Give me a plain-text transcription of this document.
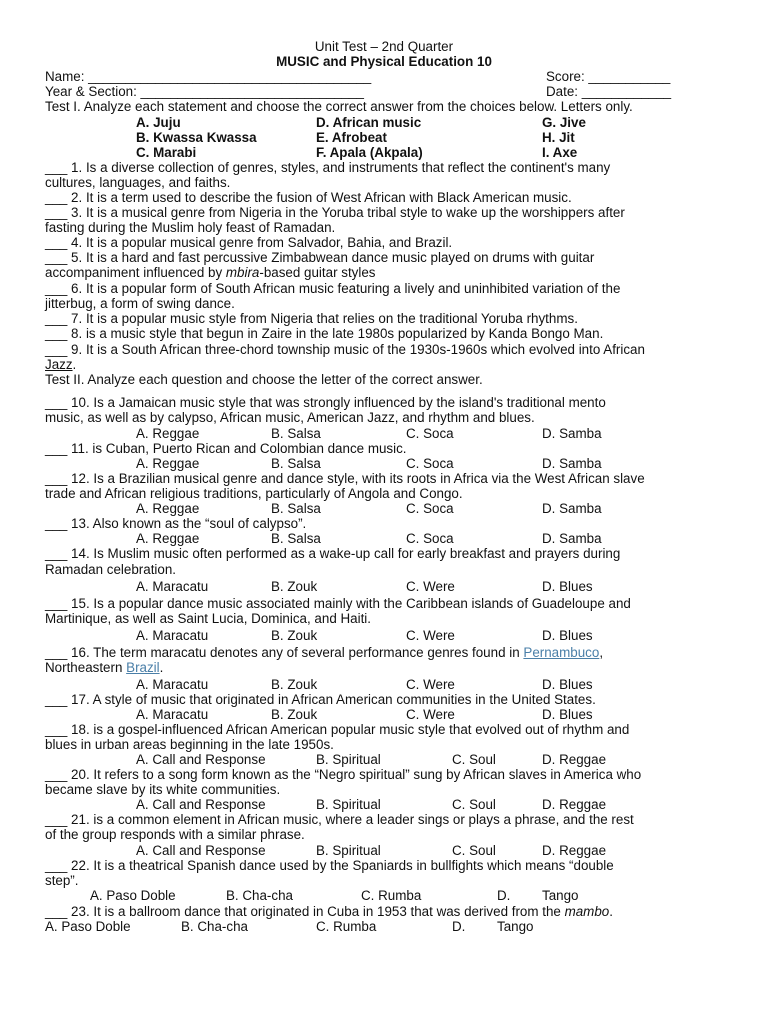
Unit Test – 2nd Quarter
MUSIC and Physical Education 10
Name: ______________________________________	Score: ___________
Year & Section: ______________________________	Date: ____________
Test I. Analyze each statement and choose the correct answer from the choices below. Letters only.
A. Juju	D. African music	G. Jive
B. Kwassa Kwassa	E. Afrobeat	H. Jit
C. Marabi	F. Apala (Akpala)	I. Axe
___ 1. Is a diverse collection of genres, styles, and instruments that reflect the continent's many
cultures, languages, and faiths.
___ 2. It is a term used to describe the fusion of West African with Black American music.
___ 3. It is a musical genre from Nigeria in the Yoruba tribal style to wake up the worshippers after
fasting during the Muslim holy feast of Ramadan.
___ 4. It is a popular musical genre from Salvador, Bahia, and Brazil.
___ 5. It is a hard and fast percussive Zimbabwean dance music played on drums with guitar
accompaniment influenced by mbira-based guitar styles
___ 6. It is a popular form of South African music featuring a lively and uninhibited variation of the
jitterbug, a form of swing dance.
___ 7. It is a popular music style from Nigeria that relies on the traditional Yoruba rhythms.
___ 8. is a music style that begun in Zaire in the late 1980s popularized by Kanda Bongo Man.
___ 9. It is a South African three-chord township music of the 1930s-1960s which evolved into African
Jazz.
Test II. Analyze each question and choose the letter of the correct answer.
___ 10. Is a Jamaican music style that was strongly influenced by the island's traditional mento
music, as well as by calypso, African music, American Jazz, and rhythm and blues.
A. Reggae	B. Salsa	C. Soca	D. Samba
___ 11. is Cuban, Puerto Rican and Colombian dance music.
A. Reggae	B. Salsa	C. Soca	D. Samba
___ 12. Is a Brazilian musical genre and dance style, with its roots in Africa via the West African slave
trade and African religious traditions, particularly of Angola and Congo.
A. Reggae	B. Salsa	C. Soca	D. Samba
___ 13. Also known as the “soul of calypso”.
A. Reggae	B. Salsa	C. Soca	D. Samba
___ 14. Is Muslim music often performed as a wake-up call for early breakfast and prayers during
Ramadan celebration.
A. Maracatu	B. Zouk	C. Were	D. Blues
___ 15. Is a popular dance music associated mainly with the Caribbean islands of Guadeloupe and
Martinique, as well as Saint Lucia, Dominica, and Haiti.
A. Maracatu	B. Zouk	C. Were	D. Blues
___ 16. The term maracatu denotes any of several performance genres found in Pernambuco,
Northeastern Brazil.
A. Maracatu	B. Zouk	C. Were	D. Blues
___ 17. A style of music that originated in African American communities in the United States.
A. Maracatu	B. Zouk	C. Were	D. Blues
___ 18. is a gospel-influenced African American popular music style that evolved out of rhythm and
blues in urban areas beginning in the late 1950s.
A. Call and Response	B. Spiritual	C. Soul	D. Reggae
___ 20. It refers to a song form known as the “Negro spiritual” sung by African slaves in America who
became slave by its white communities.
A. Call and Response	B. Spiritual	C. Soul	D. Reggae
___ 21. is a common element in African music, where a leader sings or plays a phrase, and the rest
of the group responds with a similar phrase.
A. Call and Response	B. Spiritual	C. Soul	D. Reggae
___ 22. It is a theatrical Spanish dance used by the Spaniards in bullfights which means “double
step”.
A. Paso Doble	B. Cha-cha	C. Rumba	D. Tango
___ 23. It is a ballroom dance that originated in Cuba in 1953 that was derived from the mambo.
A. Paso Doble	B. Cha-cha	C. Rumba	D. Tango
